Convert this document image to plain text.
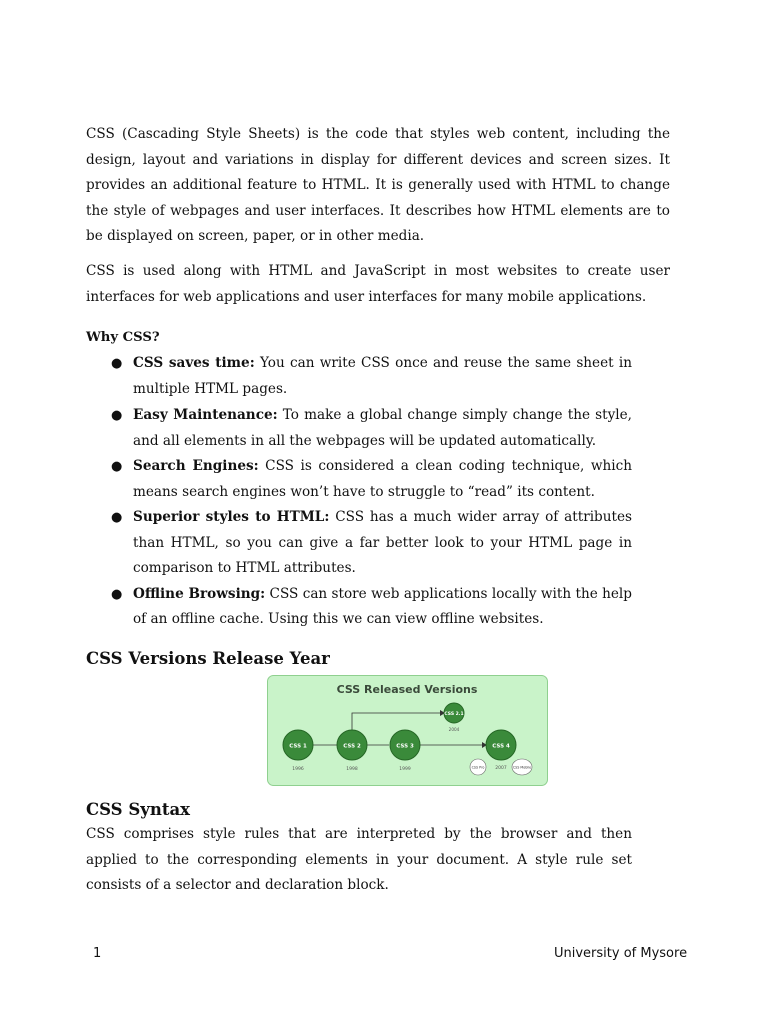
CSS (Cascading Style Sheets) is the code that styles web content, including the design, layout and variations in display for different devices and screen sizes. It provides an additional feature to HTML. It is generally used with HTML to change the style of webpages and user interfaces. It describes how HTML elements are to be displayed on screen, paper, or in other media.

CSS is used along with HTML and JavaScript in most websites to create user interfaces for web applications and user interfaces for many mobile applications.

Why CSS?

● CSS saves time: You can write CSS once and reuse the same sheet in multiple HTML pages.
● Easy Maintenance: To make a global change simply change the style, and all elements in all the webpages will be updated automatically.
● Search Engines: CSS is considered a clean coding technique, which means search engines won’t have to struggle to “read” its content.
● Superior styles to HTML: CSS has a much wider array of attributes than HTML, so you can give a far better look to your HTML page in comparison to HTML attributes.
● Offline Browsing: CSS can store web applications locally with the help of an offline cache. Using this we can view offline websites.
CSS Versions Release Year
CSS Released Versions
CSS 1
1996
CSS 2
1998
CSS 3
1999
CSS 4
2007
CSS 2.1
2004
CSS Pro	CSS Mobile
CSS Syntax

CSS comprises style rules that are interpreted by the browser and then applied to the corresponding elements in your document. A style rule set consists of a selector and declaration block.

1	University of Mysore
